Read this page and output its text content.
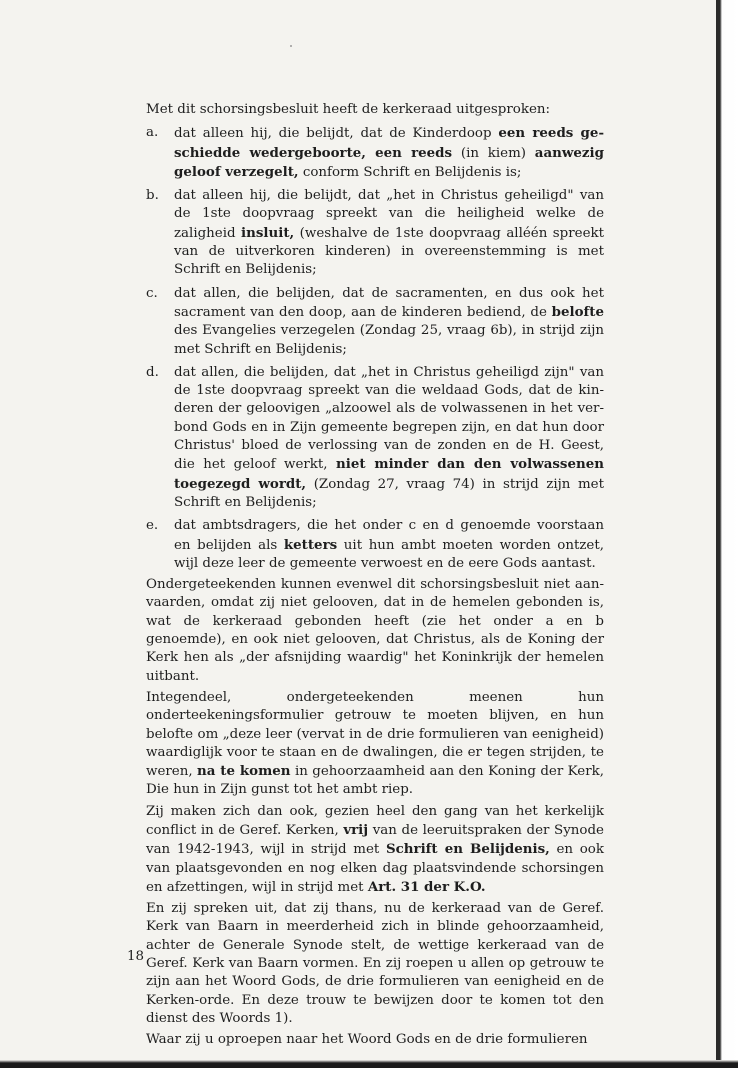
Met dit schorsingsbesluit heeft de kerkeraad uitgesproken:

a. dat alleen hij, die belijdt, dat de Kinderdoop een reeds geschiedde wedergeboorte, een reeds (in kiem) aanwezig geloof verzegelt, conform Schrift en Belijdenis is;
b. dat alleen hij, die belijdt, dat „het in Christus geheiligd" van de 1ste doopvraag spreekt van die heiligheid welke de zaligheid insluit, (weshalve de 1ste doopvraag alléén spreekt van de uitverkoren kinderen) in overeenstemming is met Schrift en Belijdenis;
c. dat allen, die belijden, dat de sacramenten, en dus ook het sacrament van den doop, aan de kinderen bediend, de belofte des Evangelies verzegelen (Zondag 25, vraag 6b), in strijd zijn met Schrift en Belijdenis;
d. dat allen, die belijden, dat „het in Christus geheiligd zijn" van de 1ste doopvraag spreekt van die weldaad Gods, dat de kinderen der geloovigen „alzoowel als de volwassenen in het verbond Gods en in Zijn gemeente begrepen zijn, en dat hun door Christus' bloed de verlossing van de zonden en de H. Geest, die het geloof werkt, niet minder dan den volwassenen toegezegd wordt, (Zondag 27, vraag 74) in strijd zijn met Schrift en Belijdenis;
e. dat ambtsdragers, die het onder c en d genoemde voorstaan en belijden als ketters uit hun ambt moeten worden ontzet, wijl deze leer de gemeente verwoest en de eere Gods aantast.

Ondergeteekenden kunnen evenwel dit schorsingsbesluit niet aanvaarden, omdat zij niet gelooven, dat in de hemelen gebonden is, wat de kerkeraad gebonden heeft (zie het onder a en b genoemde), en ook niet gelooven, dat Christus, als de Koning der Kerk hen als „der afsnijding waardig" het Koninkrijk der hemelen uitbant.

Integendeel, ondergeteekenden meenen hun onderteekeningsformulier getrouw te moeten blijven, en hun belofte om „deze leer (vervat in de drie formulieren van eenigheid) waardiglijk voor te staan en de dwalingen, die er tegen strijden, te weren, na te komen in gehoorzaamheid aan den Koning der Kerk, Die hun in Zijn gunst tot het ambt riep.

Zij maken zich dan ook, gezien heel den gang van het kerkelijk conflict in de Geref. Kerken, vrij van de leeruitspraken der Synode van 1942-1943, wijl in strijd met Schrift en Belijdenis, en ook van plaatsgevonden en nog elken dag plaatsvindende schorsingen en afzettingen, wijl in strijd met Art. 31 der K.O.

En zij spreken uit, dat zij thans, nu de kerkeraad van de Geref. Kerk van Baarn in meerderheid zich in blinde gehoorzaamheid, achter de Generale Synode stelt, de wettige kerkeraad van de Geref. Kerk van Baarn vormen. En zij roepen u allen op getrouw te zijn aan het Woord Gods, de drie formulieren van eenigheid en de Kerken-orde. En deze trouw te bewijzen door te komen tot den dienst des Woords 1).

Waar zij u oproepen naar het Woord Gods en de drie formulieren

18
